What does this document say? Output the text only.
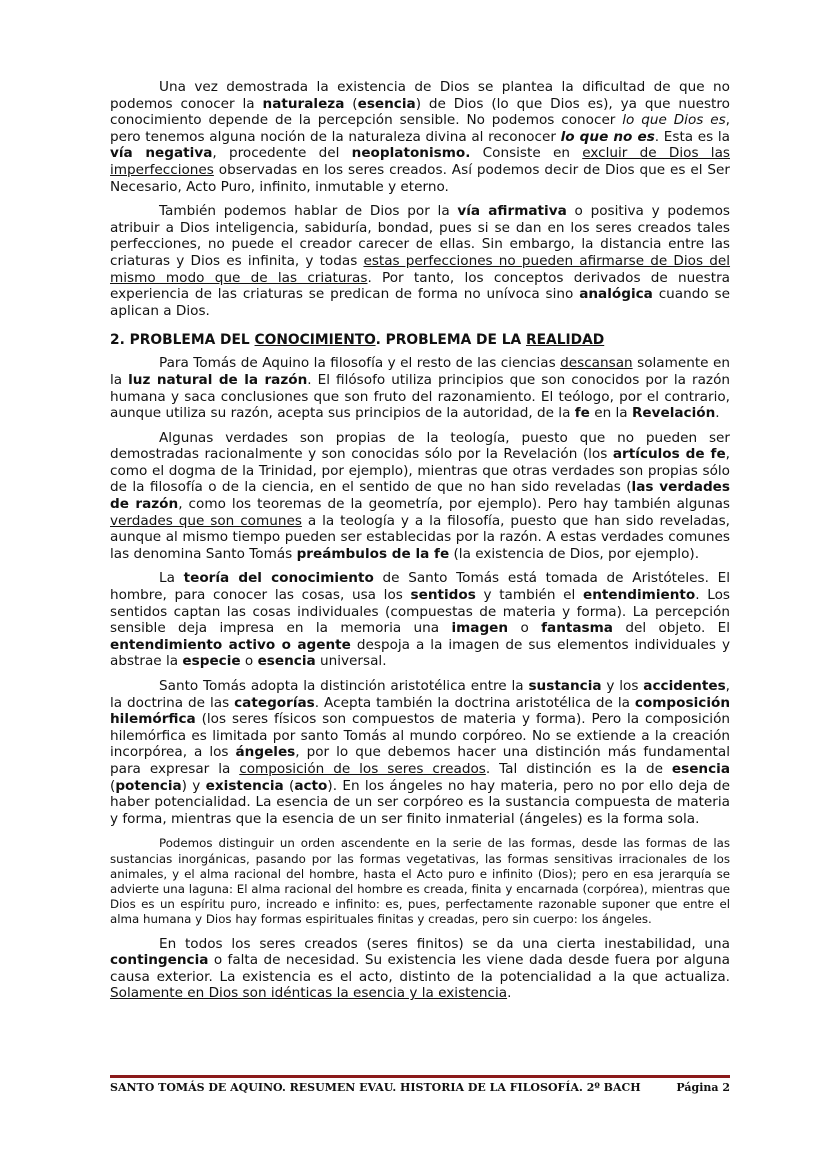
Una vez demostrada la existencia de Dios se plantea la dificultad de que no podemos conocer la naturaleza (esencia) de Dios (lo que Dios es), ya que nuestro conocimiento depende de la percepción sensible. No podemos conocer lo que Dios es, pero tenemos alguna noción de la naturaleza divina al reconocer lo que no es. Esta es la vía negativa, procedente del neoplatonismo. Consiste en excluir de Dios las imperfecciones observadas en los seres creados. Así podemos decir de Dios que es el Ser Necesario, Acto Puro, infinito, inmutable y eterno.

También podemos hablar de Dios por la vía afirmativa o positiva y podemos atribuir a Dios inteligencia, sabiduría, bondad, pues si se dan en los seres creados tales perfecciones, no puede el creador carecer de ellas. Sin embargo, la distancia entre las criaturas y Dios es infinita, y todas estas perfecciones no pueden afirmarse de Dios del mismo modo que de las criaturas. Por tanto, los conceptos derivados de nuestra experiencia de las criaturas se predican de forma no unívoca sino analógica cuando se aplican a Dios.

2. PROBLEMA DEL CONOCIMIENTO. PROBLEMA DE LA REALIDAD

Para Tomás de Aquino la filosofía y el resto de las ciencias descansan solamente en la luz natural de la razón. El filósofo utiliza principios que son conocidos por la razón humana y saca conclusiones que son fruto del razonamiento. El teólogo, por el contrario, aunque utiliza su razón, acepta sus principios de la autoridad, de la fe en la Revelación.

Algunas verdades son propias de la teología, puesto que no pueden ser demostradas racionalmente y son conocidas sólo por la Revelación (los artículos de fe, como el dogma de la Trinidad, por ejemplo), mientras que otras verdades son propias sólo de la filosofía o de la ciencia, en el sentido de que no han sido reveladas (las verdades de razón, como los teoremas de la geometría, por ejemplo). Pero hay también algunas verdades que son comunes a la teología y a la filosofía, puesto que han sido reveladas, aunque al mismo tiempo pueden ser establecidas por la razón. A estas verdades comunes las denomina Santo Tomás preámbulos de la fe (la existencia de Dios, por ejemplo).

La teoría del conocimiento de Santo Tomás está tomada de Aristóteles. El hombre, para conocer las cosas, usa los sentidos y también el entendimiento. Los sentidos captan las cosas individuales (compuestas de materia y forma). La percepción sensible deja impresa en la memoria una imagen o fantasma del objeto. El entendimiento activo o agente despoja a la imagen de sus elementos individuales y abstrae la especie o esencia universal.

Santo Tomás adopta la distinción aristotélica entre la sustancia y los accidentes, la doctrina de las categorías. Acepta también la doctrina aristotélica de la composición hilemórfica (los seres físicos son compuestos de materia y forma). Pero la composición hilemórfica es limitada por santo Tomás al mundo corpóreo. No se extiende a la creación incorpórea, a los ángeles, por lo que debemos hacer una distinción más fundamental para expresar la composición de los seres creados. Tal distinción es la de esencia (potencia) y existencia (acto). En los ángeles no hay materia, pero no por ello deja de haber potencialidad. La esencia de un ser corpóreo es la sustancia compuesta de materia y forma, mientras que la esencia de un ser finito inmaterial (ángeles) es la forma sola.

Podemos distinguir un orden ascendente en la serie de las formas, desde las formas de las sustancias inorgánicas, pasando por las formas vegetativas, las formas sensitivas irracionales de los animales, y el alma racional del hombre, hasta el Acto puro e infinito (Dios); pero en esa jerarquía se advierte una laguna: El alma racional del hombre es creada, finita y encarnada (corpórea), mientras que Dios es un espíritu puro, increado e infinito: es, pues, perfectamente razonable suponer que entre el alma humana y Dios hay formas espirituales finitas y creadas, pero sin cuerpo: los ángeles.

En todos los seres creados (seres finitos) se da una cierta inestabilidad, una contingencia o falta de necesidad. Su existencia les viene dada desde fuera por alguna causa exterior. La existencia es el acto, distinto de la potencialidad a la que actualiza. Solamente en Dios son idénticas la esencia y la existencia.

SANTO TOMÁS DE AQUINO. RESUMEN EVAU. HISTORIA DE LA FILOSOFÍA. 2º BACH	Página 2
